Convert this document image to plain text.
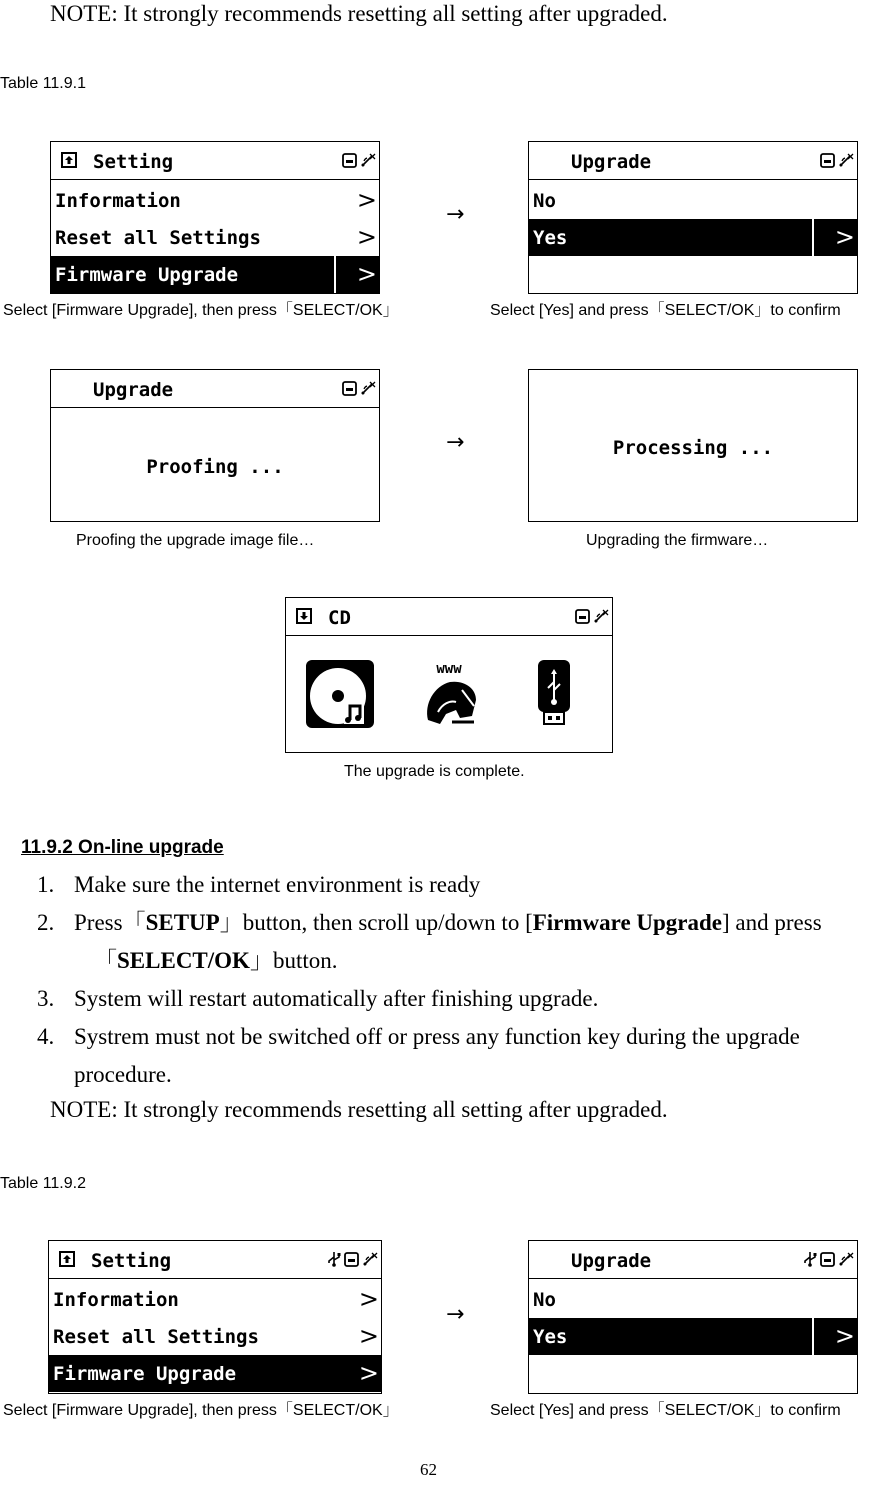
NOTE: It strongly recommends resetting all setting after upgraded.
Table 11.9.1
Setting
Information	>
Reset all Settings	>
Firmware Upgrade	>
→
Upgrade
No
Yes	>
Select [Firmware Upgrade], then press「SELECT/OK」	Select [Yes] and press「SELECT/OK」to confirm
Upgrade
Proofing ...
→	Processing ...
Proofing the upgrade image file…	Upgrading the firmware…
CD
www
The upgrade is complete.
11.9.2 On-line upgrade
1. Make sure the internet environment is ready
2. Press「SETUP」button, then scroll up/down to [Firmware Upgrade] and press
「SELECT/OK」button.
3. System will restart automatically after finishing upgrade.
4. Systrem must not be switched off or press any function key during the upgrade
procedure.
NOTE: It strongly recommends resetting all setting after upgraded.
Table 11.9.2
Setting
Information	>
Reset all Settings	>
Firmware Upgrade	>
→
Upgrade
No
Yes	>
Select [Firmware Upgrade], then press「SELECT/OK」	Select [Yes] and press「SELECT/OK」to confirm
62
